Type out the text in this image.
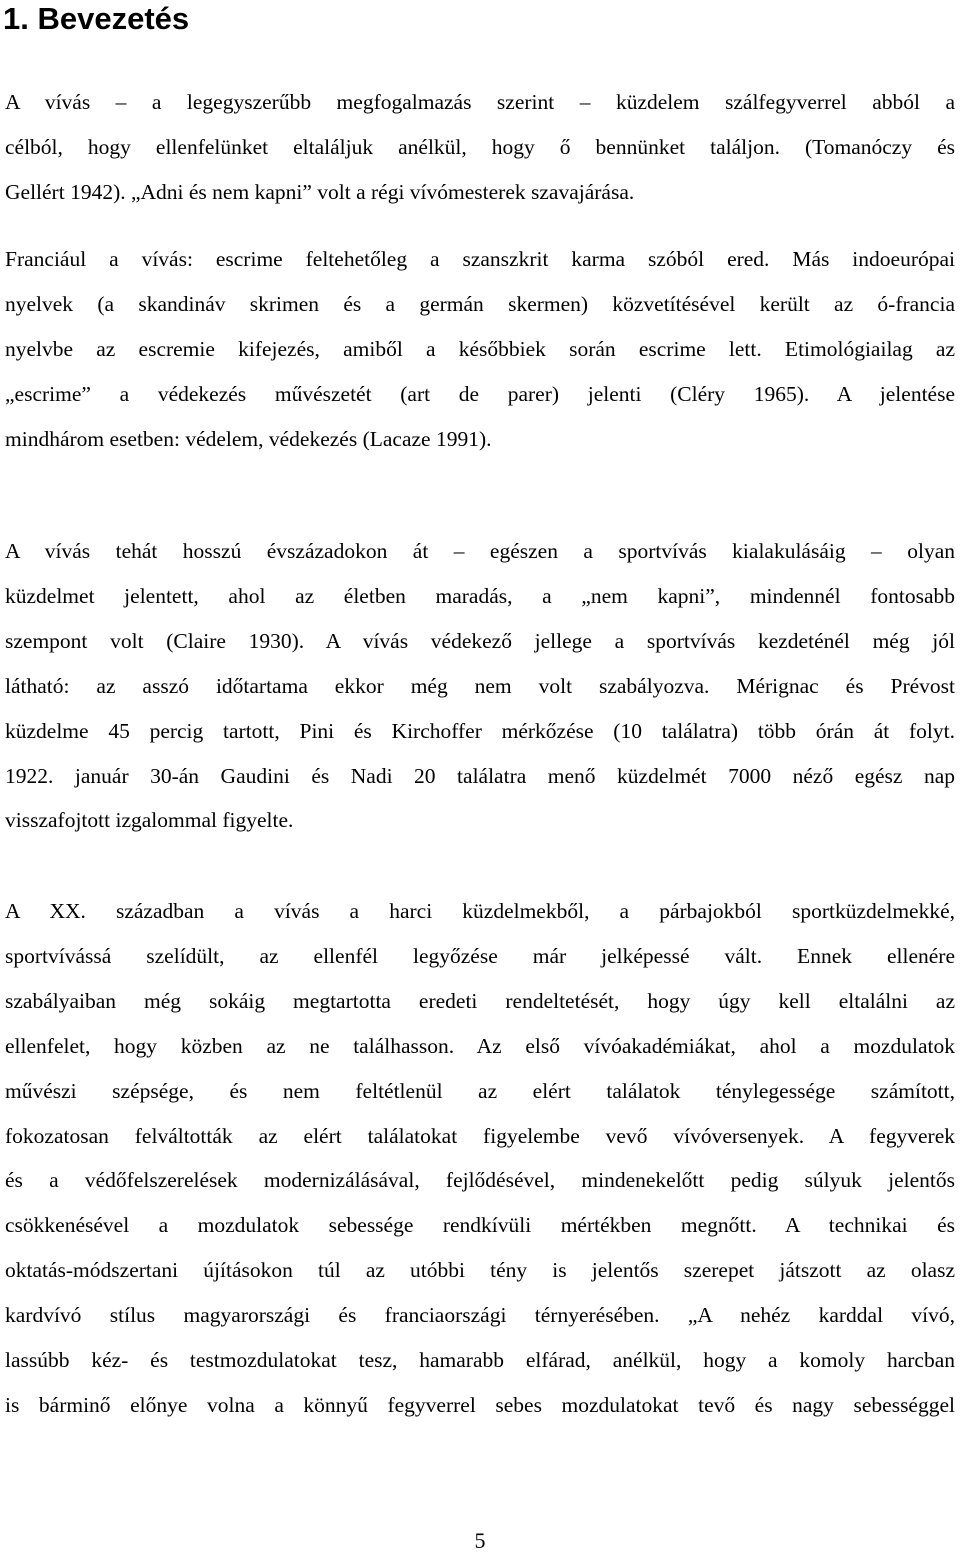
1. Bevezetés
A vívás – a legegyszerűbb megfogalmazás szerint – küzdelem szálfegyverrel abból a
célból, hogy ellenfelünket eltaláljuk anélkül, hogy ő bennünket találjon. (Tomanóczy és
Gellért 1942). „Adni és nem kapni” volt a régi vívómesterek szavajárása.
Franciául a vívás: escrime feltehetőleg a szanszkrit karma szóból ered. Más indoeurópai
nyelvek (a skandináv skrimen és a germán skermen) közvetítésével került az ó-francia
nyelvbe az escremie kifejezés, amiből a későbbiek során escrime lett. Etimológiailag az
„escrime” a védekezés művészetét (art de parer) jelenti (Cléry 1965). A jelentése
mindhárom esetben: védelem, védekezés (Lacaze 1991).
A vívás tehát hosszú évszázadokon át – egészen a sportvívás kialakulásáig – olyan
küzdelmet jelentett, ahol az életben maradás, a „nem kapni”, mindennél fontosabb
szempont volt (Claire 1930). A vívás védekező jellege a sportvívás kezdeténél még jól
látható: az asszó időtartama ekkor még nem volt szabályozva. Mérignac és Prévost
küzdelme 45 percig tartott, Pini és Kirchoffer mérkőzése (10 találatra) több órán át folyt.
1922. január 30-án Gaudini és Nadi 20 találatra menő küzdelmét 7000 néző egész nap
visszafojtott izgalommal figyelte.
A XX. században a vívás a harci küzdelmekből, a párbajokból sportküzdelmekké,
sportvívássá szelídült, az ellenfél legyőzése már jelképessé vált. Ennek ellenére
szabályaiban még sokáig megtartotta eredeti rendeltetését, hogy úgy kell eltalálni az
ellenfelet, hogy közben az ne találhasson. Az első vívóakadémiákat, ahol a mozdulatok
művészi szépsége, és nem feltétlenül az elért találatok ténylegessége számított,
fokozatosan felváltották az elért találatokat figyelembe vevő vívóversenyek. A fegyverek
és a védőfelszerelések modernizálásával, fejlődésével, mindenekelőtt pedig súlyuk jelentős
csökkenésével a mozdulatok sebessége rendkívüli mértékben megnőtt. A technikai és
oktatás-módszertani újításokon túl az utóbbi tény is jelentős szerepet játszott az olasz
kardvívó stílus magyarországi és franciaországi térnyerésében. „A nehéz karddal vívó,
lassúbb kéz- és testmozdulatokat tesz, hamarabb elfárad, anélkül, hogy a komoly harcban
is bárminő előnye volna a könnyű fegyverrel sebes mozdulatokat tevő és nagy sebességgel
5
